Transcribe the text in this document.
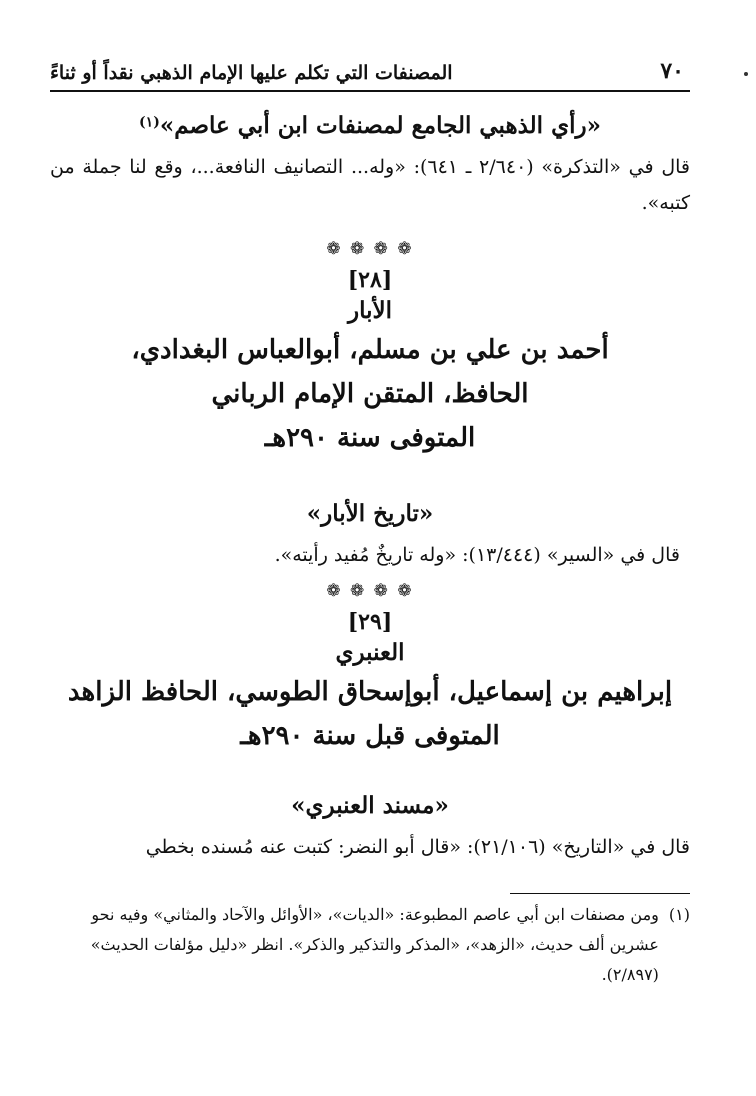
٧٠
المصنفات التي تكلم عليها الإمام الذهبي نقداً أو ثناءً
«رأي الذهبي الجامع لمصنفات ابن أبي عاصم»$^{(١)}$

قال في «التذكرة» (٢/٦٤٠ ـ ٦٤١): «وله... التصانيف النافعة...، وقع لنا جملة من كتبه».

❁ ❁ ❁ ❁
[٢٨]
الأبار

أحمد بن علي بن مسلم، أبوالعباس البغدادي،

الحافظ، المتقن الإمام الرباني

المتوفى سنة ٢٩٠هـ

«تاريخ الأبار»

قال في «السير» (١٣/٤٤٤): «وله تاريخٌ مُفيد رأيته».

❁ ❁ ❁ ❁
[٢٩]
العنبري

إبراهيم بن إسماعيل، أبوإسحاق الطوسي، الحافظ الزاهد

المتوفى قبل سنة ٢٩٠هـ

«مسند العنبري»

قال في «التاريخ» (٢١/١٠٦): «قال أبو النضر: كتبت عنه مُسنده بخطي

(١)
ومن مصنفات ابن أبي عاصم المطبوعة: «الديات»، «الأوائل والآحاد والمثاني» وفيه نحو عشرين ألف حديث، «الزهد»، «المذكر والتذكير والذكر». انظر «دليل مؤلفات الحديث» (٢/٨٩٧).
